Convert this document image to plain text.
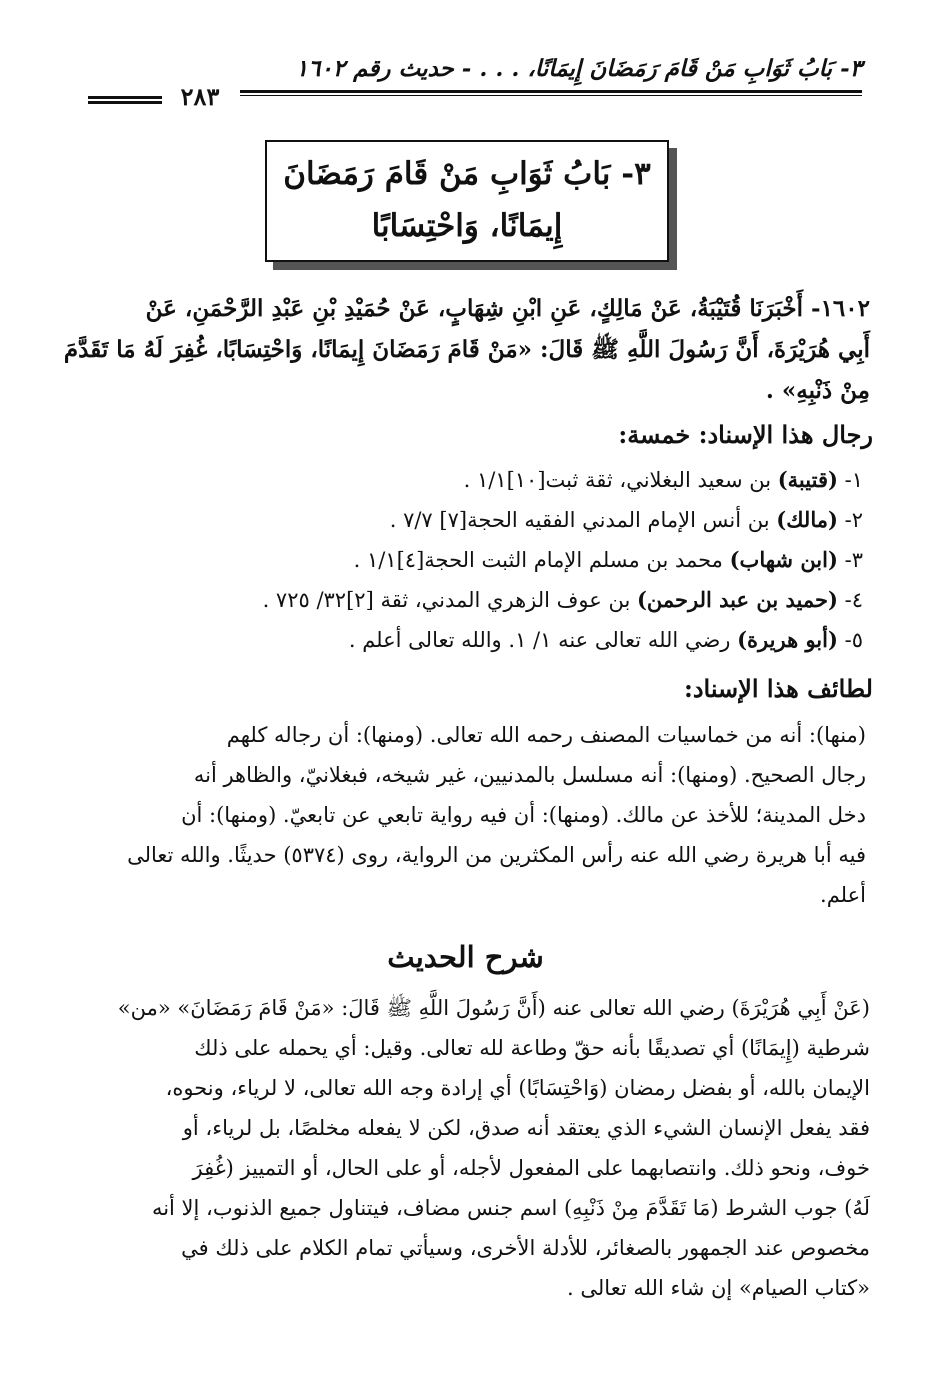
٣- بَابُ ثَوَابِ مَنْ قَامَ رَمَضَانَ إِيمَانًا، . . . - حديث رقم ١٦٠٢
٢٨٣
٣- بَابُ ثَوَابِ مَنْ قَامَ رَمَضَانَ
إِيمَانًا، وَاحْتِسَابًا
١٦٠٢- أَخْبَرَنَا قُتَيْبَةُ، عَنْ مَالِكٍ، عَنِ ابْنِ شِهَابٍ، عَنْ حُمَيْدِ بْنِ عَبْدِ الرَّحْمَنِ، عَنْ
أَبِي هُرَيْرَةَ، أَنَّ رَسُولَ اللَّهِ ﷺ قَالَ: «مَنْ قَامَ رَمَضَانَ إِيمَانًا، وَاحْتِسَابًا، غُفِرَ لَهُ مَا تَقَدَّمَ
مِنْ ذَنْبِهِ» .
رجال هذا الإسناد: خمسة:
١- (قتيبة) بن سعيد البغلاني، ثقة ثبت[١٠]١/١ .
٢- (مالك) بن أنس الإمام المدني الفقيه الحجة[٧] ٧/٧ .
٣- (ابن شهاب) محمد بن مسلم الإمام الثبت الحجة[٤]١/١ .
٤- (حميد بن عبد الرحمن) بن عوف الزهري المدني، ثقة [٢]٣٢/ ٧٢٥ .
٥- (أبو هريرة) رضي الله تعالى عنه ١/ ١. والله تعالى أعلم .
لطائف هذا الإسناد:
(منها): أنه من خماسيات المصنف رحمه الله تعالى. (ومنها): أن رجاله كلهم
رجال الصحيح. (ومنها): أنه مسلسل بالمدنيين، غير شيخه، فبغلانيّ، والظاهر أنه
دخل المدينة؛ للأخذ عن مالك. (ومنها): أن فيه رواية تابعي عن تابعيّ. (ومنها): أن
فيه أبا هريرة رضي الله عنه رأس المكثرين من الرواية، روى (٥٣٧٤) حديثًا. والله تعالى
أعلم.
شرح الحديث
(عَنْ أَبِي هُرَيْرَةَ) رضي الله تعالى عنه (أَنَّ رَسُولَ اللَّهِ ﷺ قَالَ: «مَنْ قَامَ رَمَضَانَ» «من»
شرطية (إِيمَانًا) أي تصديقًا بأنه حقّ وطاعة لله تعالى. وقيل: أي يحمله على ذلك
الإيمان بالله، أو بفضل رمضان (وَاحْتِسَابًا) أي إرادة وجه الله تعالى، لا لرياء، ونحوه،
فقد يفعل الإنسان الشيء الذي يعتقد أنه صدق، لكن لا يفعله مخلصًا، بل لرياء، أو
خوف، ونحو ذلك. وانتصابهما على المفعول لأجله، أو على الحال، أو التمييز (غُفِرَ
لَهُ) جوب الشرط (مَا تَقَدَّمَ مِنْ ذَنْبِهِ) اسم جنس مضاف، فيتناول جميع الذنوب، إلا أنه
مخصوص عند الجمهور بالصغائر، للأدلة الأخرى، وسيأتي تمام الكلام على ذلك في
«كتاب الصيام» إن شاء الله تعالى .
